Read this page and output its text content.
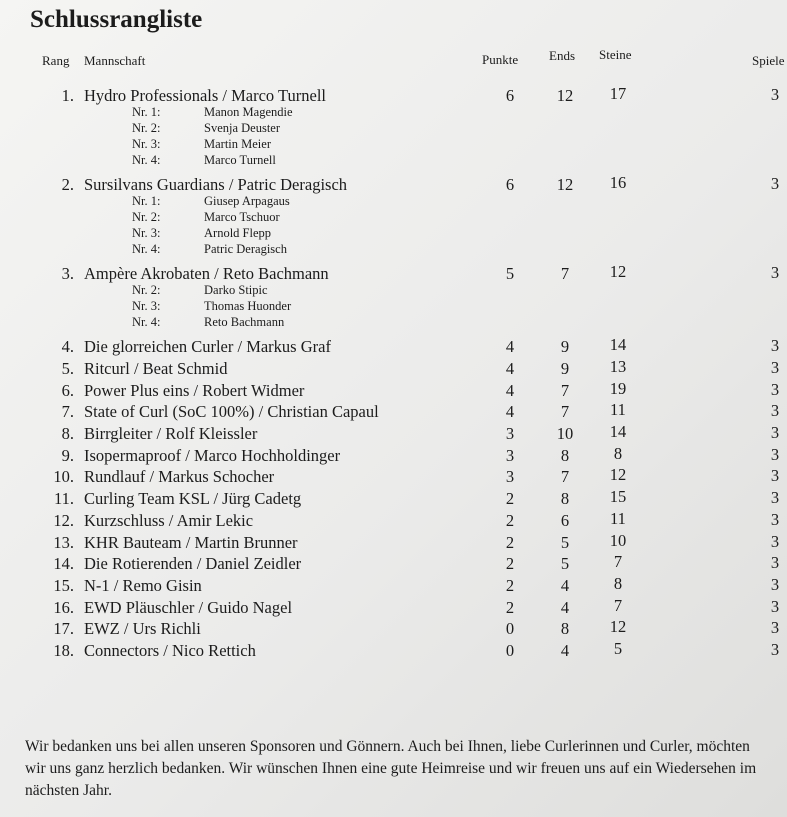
Schlussrangliste
Rang Mannschaft	Punkte Ends Steine	Spiele
1. Hydro Professionals / Marco Turnell	6	12	17	3
Nr. 1:	Manon Magendie
Nr. 2:	Svenja Deuster
Nr. 3:	Martin Meier
Nr. 4:	Marco Turnell
2. Sursilvans Guardians / Patric Deragisch	6	12	16	3
Nr. 1:	Giusep Arpagaus
Nr. 2:	Marco Tschuor
Nr. 3:	Arnold Flepp
Nr. 4:	Patric Deragisch
3. Ampère Akrobaten / Reto Bachmann	5	7	12	3
Nr. 2:	Darko Stipic
Nr. 3:	Thomas Huonder
Nr. 4:	Reto Bachmann
4. Die glorreichen Curler / Markus Graf	4	9	14	3
5. Ritcurl / Beat Schmid	4	9	13	3
6. Power Plus eins / Robert Widmer	4	7	19	3
7. State of Curl (SoC 100%) / Christian Capaul	4	7	11	3
8. Birrgleiter / Rolf Kleissler	3	10	14	3
9. Isopermaproof / Marco Hochholdinger	3	8	8	3
10. Rundlauf / Markus Schocher	3	7	12	3
11. Curling Team KSL / Jürg Cadetg	2	8	15	3
12. Kurzschluss / Amir Lekic	2	6	11	3
13. KHR Bauteam / Martin Brunner	2	5	10	3
14. Die Rotierenden / Daniel Zeidler	2	5	7	3
15. N-1 / Remo Gisin	2	4	8	3
16. EWD Pläuschler / Guido Nagel	2	4	7	3
17. EWZ / Urs Richli	0	8	12	3
18. Connectors / Nico Rettich	0	4	5	3
Wir bedanken uns bei allen unseren Sponsoren und Gönnern. Auch bei Ihnen, liebe Curlerinnen und Curler, möchten wir uns ganz herzlich bedanken. Wir wünschen Ihnen eine gute Heimreise und wir freuen uns auf ein Wiedersehen im nächsten Jahr.
